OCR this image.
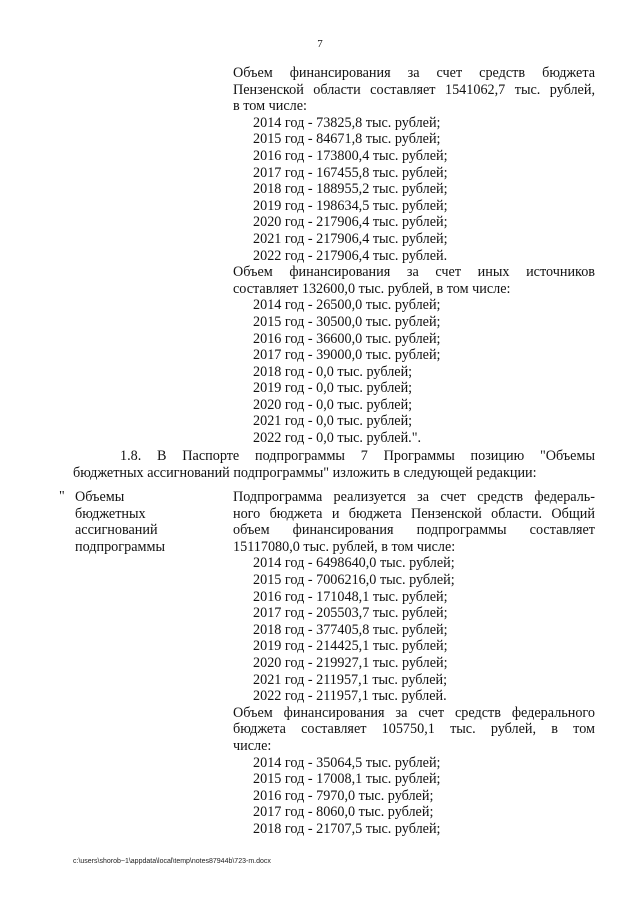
7
Объем финансирования за счет средств бюджета
Пензенской области составляет 1541062,7 тыс. рублей,
в том числе:
2014 год - 73825,8 тыс. рублей;
2015 год - 84671,8 тыс. рублей;
2016 год - 173800,4 тыс. рублей;
2017 год - 167455,8 тыс. рублей;
2018 год - 188955,2 тыс. рублей;
2019 год - 198634,5 тыс. рублей;
2020 год - 217906,4 тыс. рублей;
2021 год - 217906,4 тыс. рублей;
2022 год - 217906,4 тыс. рублей.
Объем финансирования за счет иных источников
составляет 132600,0 тыс. рублей, в том числе:
2014 год - 26500,0 тыс. рублей;
2015 год - 30500,0 тыс. рублей;
2016 год - 36600,0 тыс. рублей;
2017 год - 39000,0 тыс. рублей;
2018 год - 0,0 тыс. рублей;
2019 год - 0,0 тыс. рублей;
2020 год - 0,0 тыс. рублей;
2021 год - 0,0 тыс. рублей;
2022 год - 0,0 тыс. рублей.".
1.8. В Паспорте подпрограммы 7 Программы позицию "Объемы
бюджетных ассигнований подпрограммы" изложить в следующей редакции:
" Объемы
бюджетных
ассигнований
подпрограммы
Подпрограмма реализуется за счет средств федераль-
ного бюджета и бюджета Пензенской области. Общий
объем финансирования подпрограммы составляет
15117080,0 тыс. рублей, в том числе:
2014 год - 6498640,0 тыс. рублей;
2015 год - 7006216,0 тыс. рублей;
2016 год - 171048,1 тыс. рублей;
2017 год - 205503,7 тыс. рублей;
2018 год - 377405,8 тыс. рублей;
2019 год - 214425,1 тыс. рублей;
2020 год - 219927,1 тыс. рублей;
2021 год - 211957,1 тыс. рублей;
2022 год - 211957,1 тыс. рублей.
Объем финансирования за счет средств федерального
бюджета составляет 105750,1 тыс. рублей, в том
числе:
2014 год - 35064,5 тыс. рублей;
2015 год - 17008,1 тыс. рублей;
2016 год - 7970,0 тыс. рублей;
2017 год - 8060,0 тыс. рублей;
2018 год - 21707,5 тыс. рублей;
c:\users\shorob~1\appdata\local\temp\notes87944b\723-m.docx
